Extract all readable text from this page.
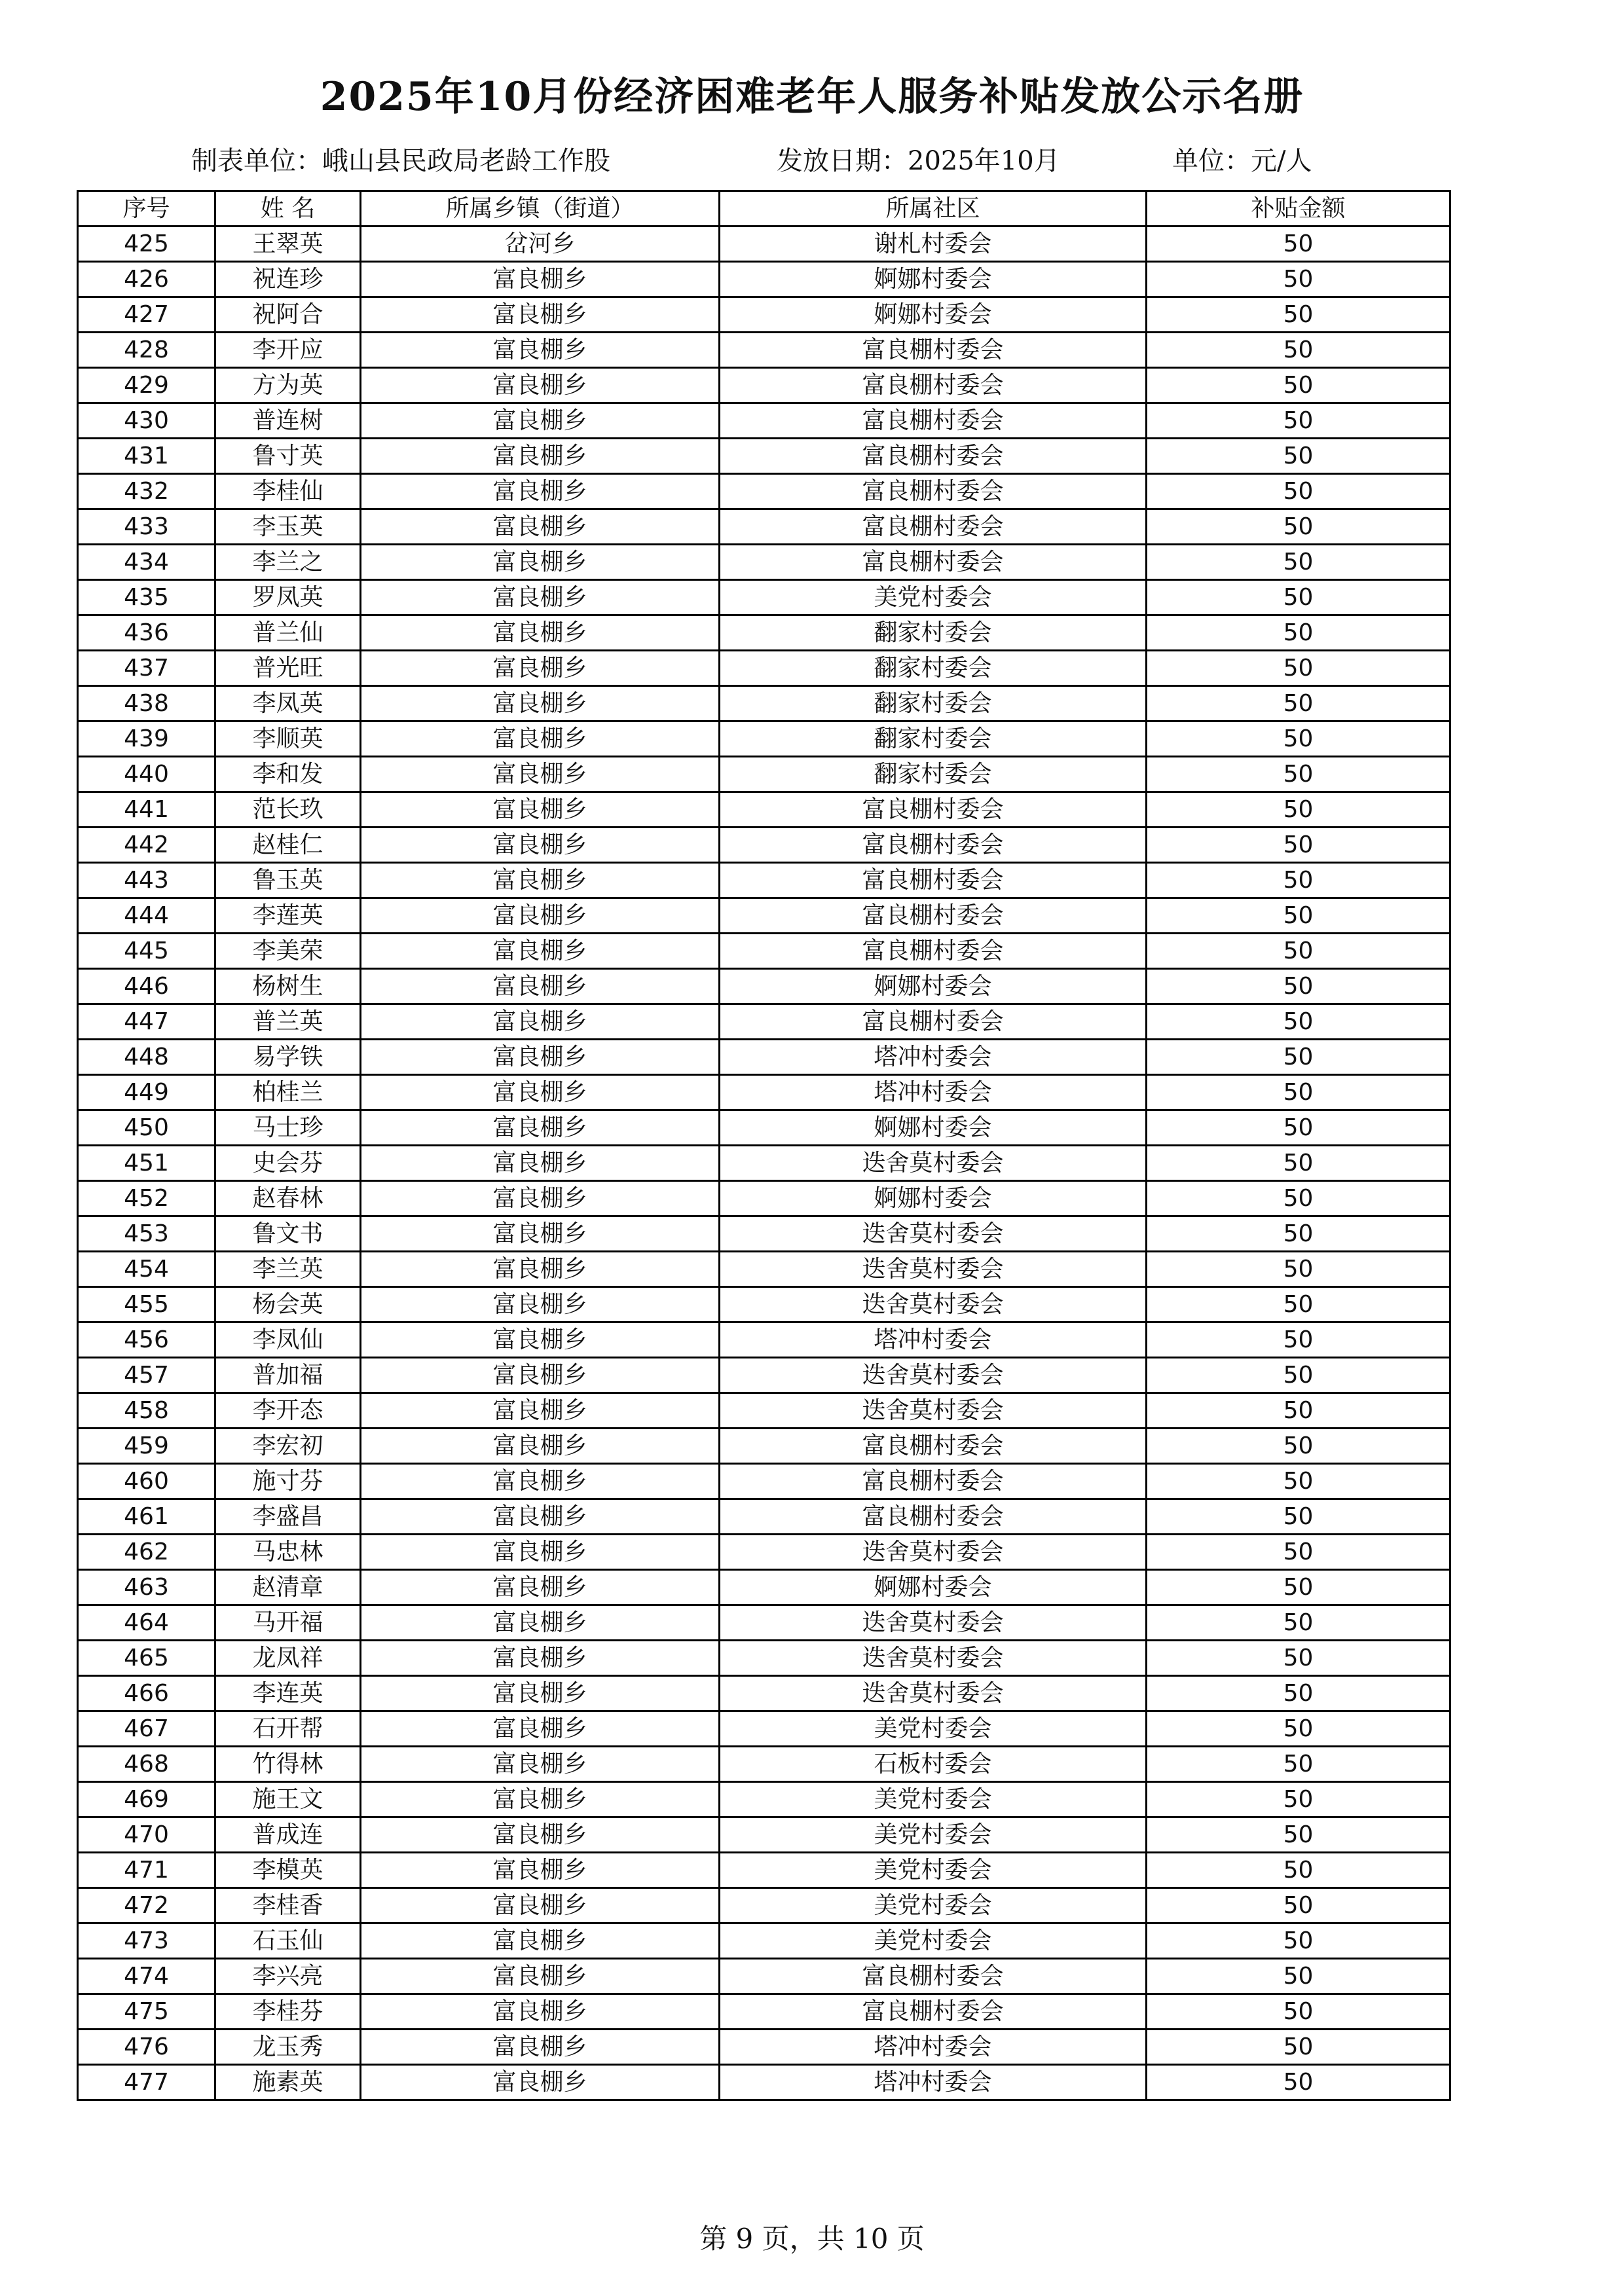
2025年10月份经济困难老年人服务补贴发放公示名册
制表单位：峨山县民政局老龄工作股	发放日期：2025年10月	单位：元/人
序号	姓 名	所属乡镇（街道）	所属社区	补贴金额
425	王翠英	岔河乡	谢札村委会	50
426	祝连珍	富良棚乡	婀娜村委会	50
427	祝阿合	富良棚乡	婀娜村委会	50
428	李开应	富良棚乡	富良棚村委会	50
429	方为英	富良棚乡	富良棚村委会	50
430	普连树	富良棚乡	富良棚村委会	50
431	鲁寸英	富良棚乡	富良棚村委会	50
432	李桂仙	富良棚乡	富良棚村委会	50
433	李玉英	富良棚乡	富良棚村委会	50
434	李兰之	富良棚乡	富良棚村委会	50
435	罗凤英	富良棚乡	美党村委会	50
436	普兰仙	富良棚乡	翻家村委会	50
437	普光旺	富良棚乡	翻家村委会	50
438	李凤英	富良棚乡	翻家村委会	50
439	李顺英	富良棚乡	翻家村委会	50
440	李和发	富良棚乡	翻家村委会	50
441	范长玖	富良棚乡	富良棚村委会	50
442	赵桂仁	富良棚乡	富良棚村委会	50
443	鲁玉英	富良棚乡	富良棚村委会	50
444	李莲英	富良棚乡	富良棚村委会	50
445	李美荣	富良棚乡	富良棚村委会	50
446	杨树生	富良棚乡	婀娜村委会	50
447	普兰英	富良棚乡	富良棚村委会	50
448	易学铁	富良棚乡	塔冲村委会	50
449	柏桂兰	富良棚乡	塔冲村委会	50
450	马士珍	富良棚乡	婀娜村委会	50
451	史会芬	富良棚乡	迭舍莫村委会	50
452	赵春林	富良棚乡	婀娜村委会	50
453	鲁文书	富良棚乡	迭舍莫村委会	50
454	李兰英	富良棚乡	迭舍莫村委会	50
455	杨会英	富良棚乡	迭舍莫村委会	50
456	李凤仙	富良棚乡	塔冲村委会	50
457	普加福	富良棚乡	迭舍莫村委会	50
458	李开态	富良棚乡	迭舍莫村委会	50
459	李宏初	富良棚乡	富良棚村委会	50
460	施寸芬	富良棚乡	富良棚村委会	50
461	李盛昌	富良棚乡	富良棚村委会	50
462	马忠林	富良棚乡	迭舍莫村委会	50
463	赵清章	富良棚乡	婀娜村委会	50
464	马开福	富良棚乡	迭舍莫村委会	50
465	龙凤祥	富良棚乡	迭舍莫村委会	50
466	李连英	富良棚乡	迭舍莫村委会	50
467	石开帮	富良棚乡	美党村委会	50
468	竹得林	富良棚乡	石板村委会	50
469	施王文	富良棚乡	美党村委会	50
470	普成连	富良棚乡	美党村委会	50
471	李模英	富良棚乡	美党村委会	50
472	李桂香	富良棚乡	美党村委会	50
473	石玉仙	富良棚乡	美党村委会	50
474	李兴亮	富良棚乡	富良棚村委会	50
475	李桂芬	富良棚乡	富良棚村委会	50
476	龙玉秀	富良棚乡	塔冲村委会	50
477	施素英	富良棚乡	塔冲村委会	50
第 9 页，共 10 页
